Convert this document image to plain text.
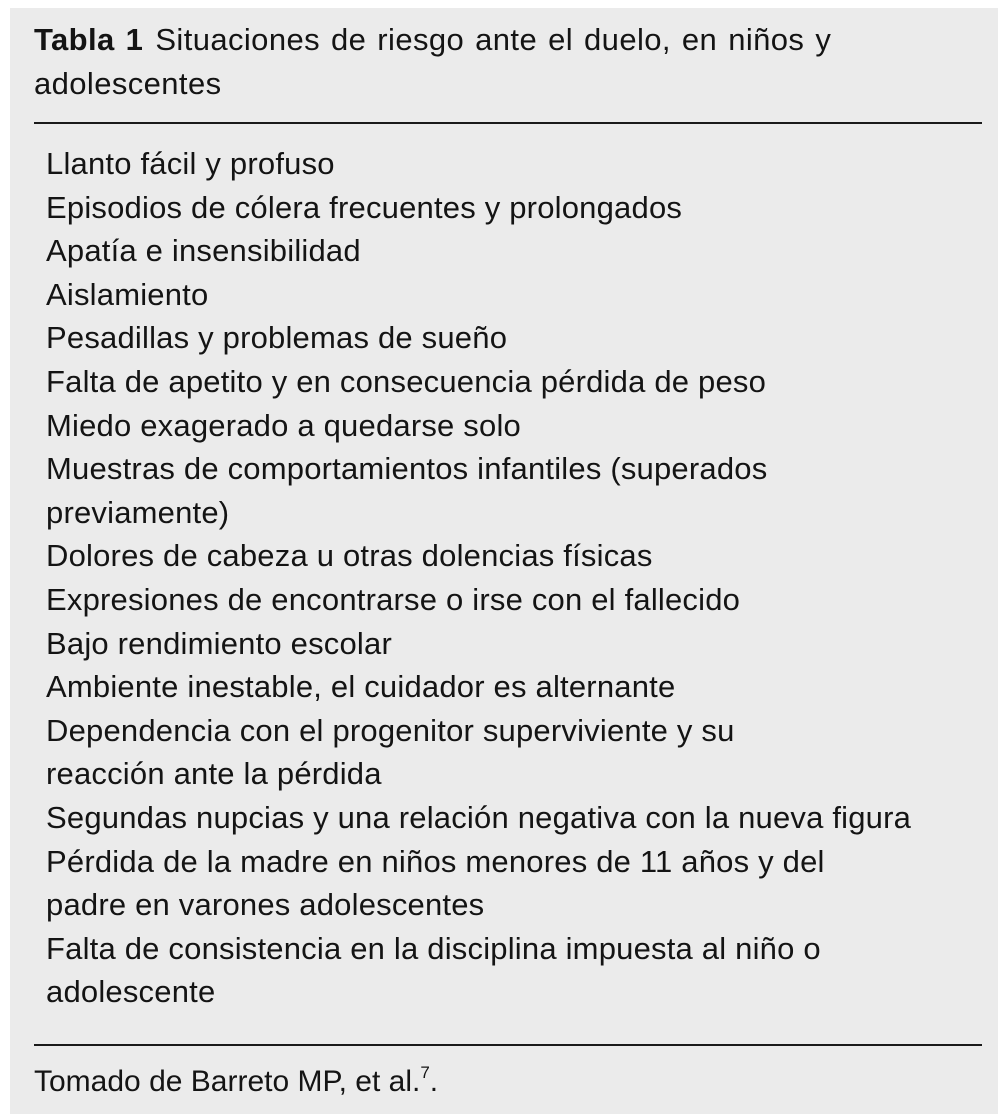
Tabla 1 Situaciones de riesgo ante el duelo, en niños y
adolescentes
Llanto fácil y profuso
Episodios de cólera frecuentes y prolongados
Apatía e insensibilidad
Aislamiento
Pesadillas y problemas de sueño
Falta de apetito y en consecuencia pérdida de peso
Miedo exagerado a quedarse solo
Muestras de comportamientos infantiles (superados
previamente)
Dolores de cabeza u otras dolencias físicas
Expresiones de encontrarse o irse con el fallecido
Bajo rendimiento escolar
Ambiente inestable, el cuidador es alternante
Dependencia con el progenitor superviviente y su
reacción ante la pérdida
Segundas nupcias y una relación negativa con la nueva figura
Pérdida de la madre en niños menores de 11 años y del
padre en varones adolescentes
Falta de consistencia en la disciplina impuesta al niño o
adolescente
Tomado de Barreto MP, et al.$^7$.
